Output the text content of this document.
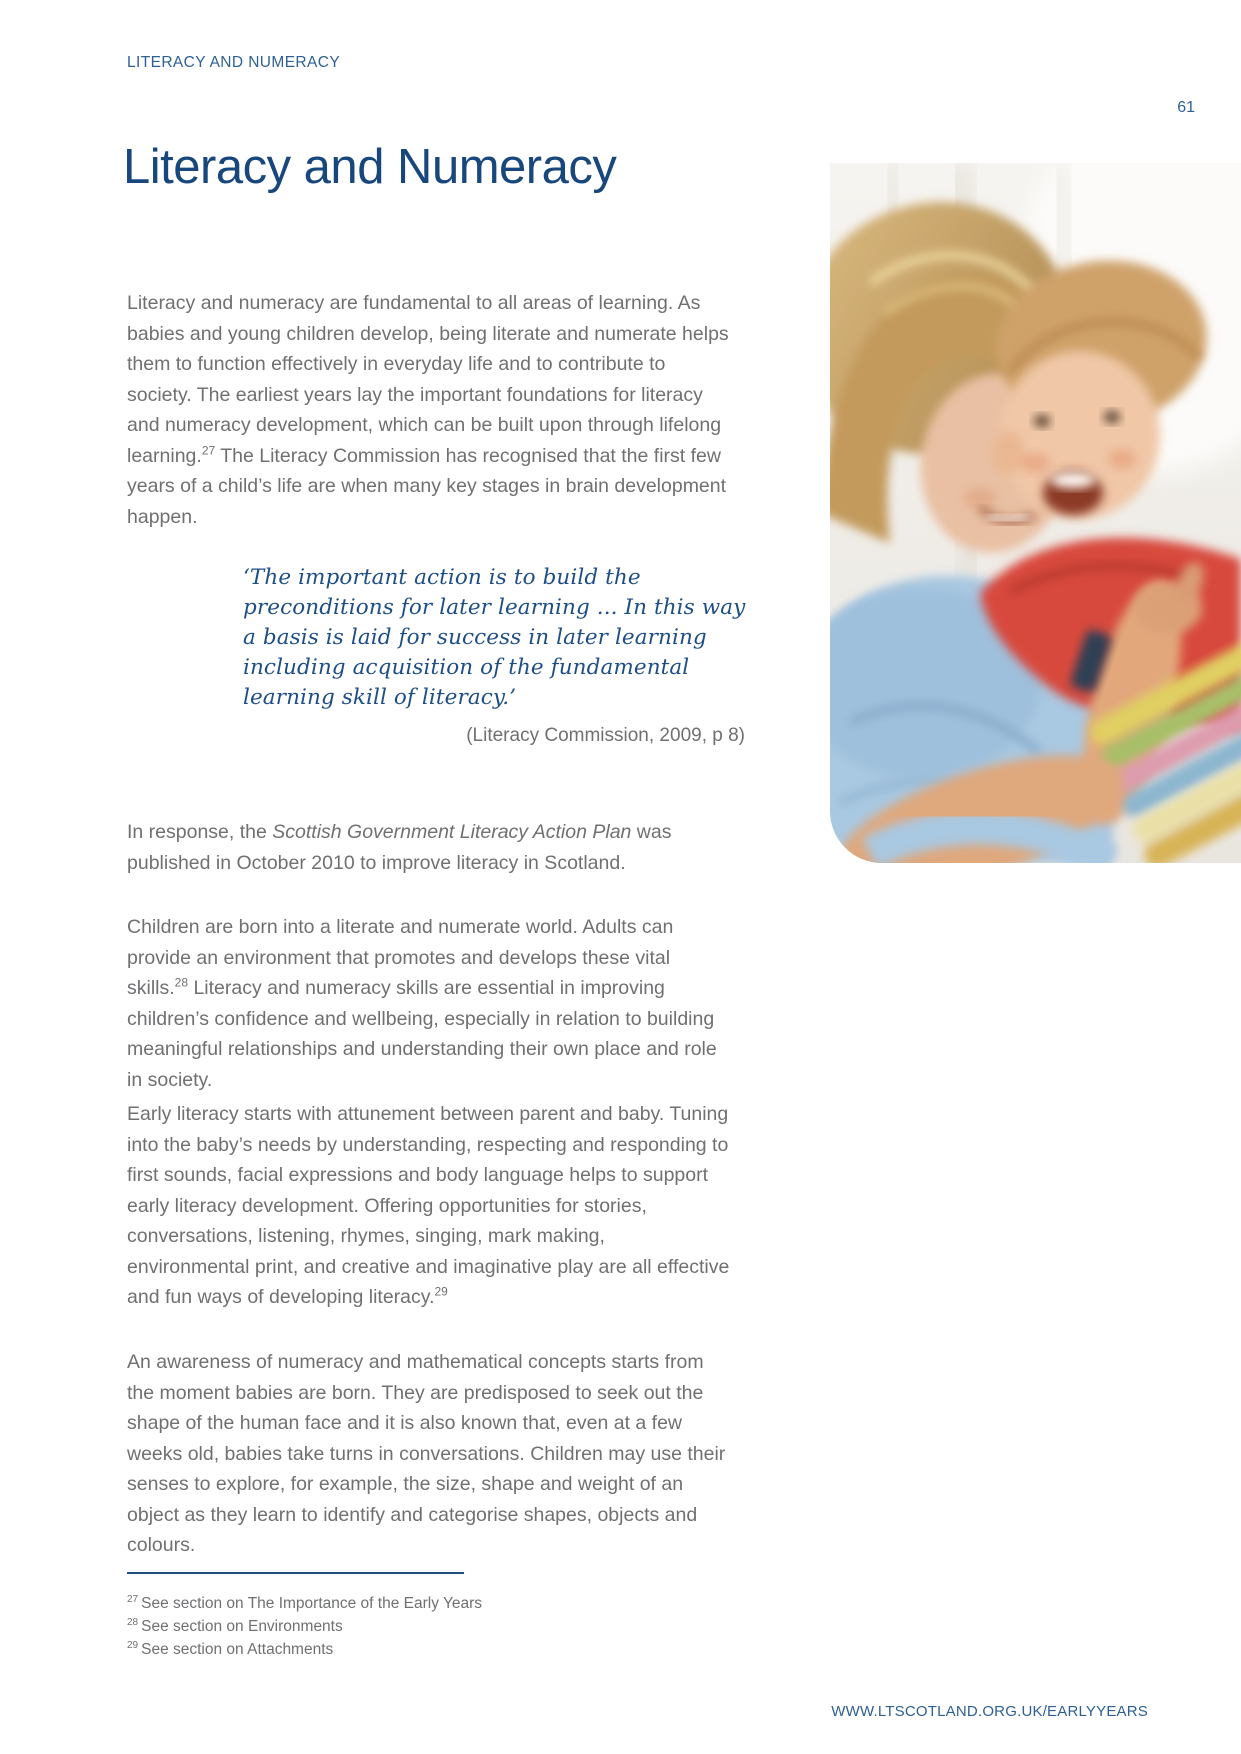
LITERACY AND NUMERACY
61
Literacy and Numeracy

Literacy and numeracy are fundamental to all areas of learning. As babies and young children develop, being literate and numerate helps them to function effectively in everyday life and to contribute to society. The earliest years lay the important foundations for literacy and numeracy development, which can be built upon through lifelong learning.$^{27}$ The Literacy Commission has recognised that the first few years of a child’s life are when many key stages in brain development happen.

‘The important action is to build the
preconditions for later learning ... In this way
a basis is laid for success in later learning
including acquisition of the fundamental
learning skill of literacy.’
(Literacy Commission, 2009, p 8)

In response, the Scottish Government Literacy Action Plan was published in October 2010 to improve literacy in Scotland.

Children are born into a literate and numerate world. Adults can provide an environment that promotes and develops these vital skills.$^{28}$ Literacy and numeracy skills are essential in improving children’s confidence and wellbeing, especially in relation to building meaningful relationships and understanding their own place and role in society.

Early literacy starts with attunement between parent and baby. Tuning into the baby’s needs by understanding, respecting and responding to first sounds, facial expressions and body language helps to support early literacy development. Offering opportunities for stories, conversations, listening, rhymes, singing, mark making, environmental print, and creative and imaginative play are all effective and fun ways of developing literacy.$^{29}$

An awareness of numeracy and mathematical concepts starts from the moment babies are born. They are predisposed to seek out the shape of the human face and it is also known that, even at a few weeks old, babies take turns in conversations. Children may use their senses to explore, for example, the size, shape and weight of an object as they learn to identify and categorise shapes, objects and colours.

$^{27}$ See section on The Importance of the Early Years
$^{28}$ See section on Environments
$^{29}$ See section on Attachments
WWW.LTSCOTLAND.ORG.UK/EARLYYEARS
